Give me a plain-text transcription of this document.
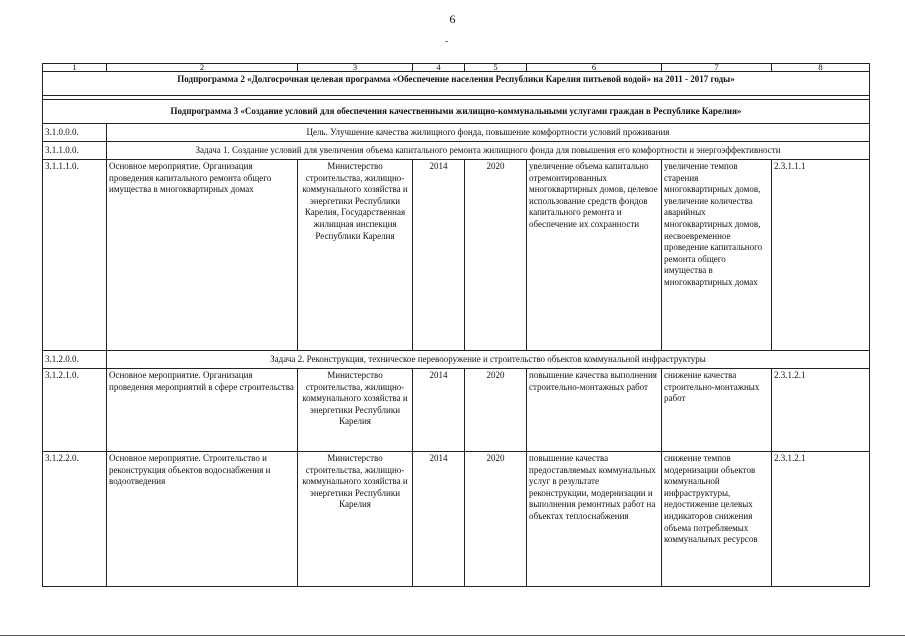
6
1	2	3	4	5	6	7	8
Подпрограмма 2 «Долгосрочная целевая программа «Обеспечение населения Республики Карелия питьевой водой» на 2011 - 2017 годы»							

Подпрограмма 3 «Создание условий для обеспечения качественными жилищно-коммунальными услугами граждан в Республике Карелия»							
3.1.0.0.0.	Цель. Улучшение качества жилищного фонда, повышение комфортности условий проживания						
3.1.1.0.0.	Задача 1. Создание условий для увеличения объема капитального ремонта жилищного фонда для повышения его комфортности и энергоэффективности						
3.1.1.1.0.	Основное мероприятие. Организация проведения капитального ремонта общего имущества в многоквартирных домах	Министерство строительства, жилищно-коммунального хозяйства и энергетики Республики Карелия, Государственная жилищная инспекция Республики Карелия	2014	2020	увеличение объема капитально отремонтированных многоквартирных домов, целевое использование средств фондов капитального ремонта и обеспечение их сохранности	увеличение темпов старения многоквартирных домов, увеличение количества аварийных многоквартирных домов, несвоевременное проведение капитального ремонта общего имущества в многоквартирных домах	2.3.1.1.1
3.1.2.0.0.	Задача 2. Реконструкция, техническое перевооружение и строительство объектов коммунальной инфраструктуры						
3.1.2.1.0.	Основное мероприятие. Организация проведения мероприятий в сфере строительства	Министерство строительства, жилищно-коммунального хозяйства и энергетики Республики Карелия	2014	2020	повышение качества выполнения строительно-монтажных работ	снижение качества строительно-монтажных работ	2.3.1.2.1
3.1.2.2.0.	Основное мероприятие. Строительство и реконструкция объектов водоснабжения и водоотведения	Министерство строительства, жилищно-коммунального хозяйства и энергетики Республики Карелия	2014	2020	повышение качества предоставляемых коммунальных услуг в результате реконструкции, модернизации и выполнения ремонтных работ на объектах теплоснабжения	снижение темпов модернизации объектов коммунальной инфраструктуры, недостижение целевых индикаторов снижения объема потребляемых коммунальных ресурсов	2.3.1.2.1
